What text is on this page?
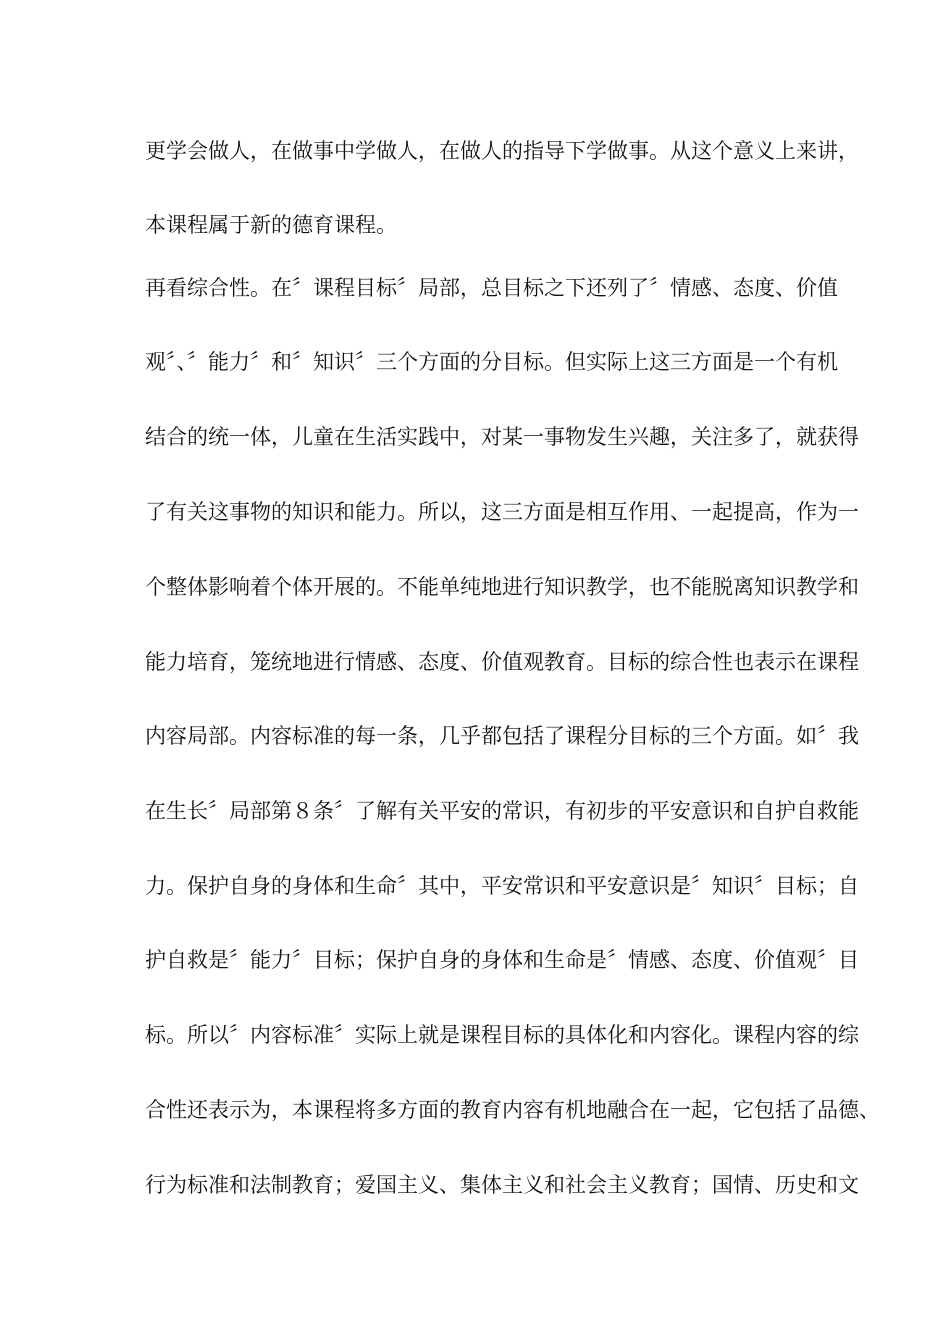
更学会做人，在做事中学做人，在做人的指导下学做事。从这个意义上来讲，
本课程属于新的德育课程。
再看综合性。在〞课程目标〞局部，总目标之下还列了〞情感、态度、价值
观〞、〞能力〞和〞知识〞三个方面的分目标。但实际上这三方面是一个有机
结合的统一体，儿童在生活实践中，对某一事物发生兴趣，关注多了，就获得
了有关这事物的知识和能力。所以，这三方面是相互作用、一起提高，作为一
个整体影响着个体开展的。不能单纯地进行知识教学，也不能脱离知识教学和
能力培育，笼统地进行情感、态度、价值观教育。目标的综合性也表示在课程
内容局部。内容标准的每一条，几乎都包括了课程分目标的三个方面。如〞我
在生长〞局部第８条〞了解有关平安的常识，有初步的平安意识和自护自救能
力。保护自身的身体和生命〞其中，平安常识和平安意识是〞知识〞目标；自
护自救是〞能力〞目标；保护自身的身体和生命是〞情感、态度、价值观〞目
标。所以〞内容标准〞实际上就是课程目标的具体化和内容化。课程内容的综
合性还表示为，本课程将多方面的教育内容有机地融合在一起，它包括了品德、
行为标准和法制教育；爱国主义、集体主义和社会主义教育；国情、历史和文
